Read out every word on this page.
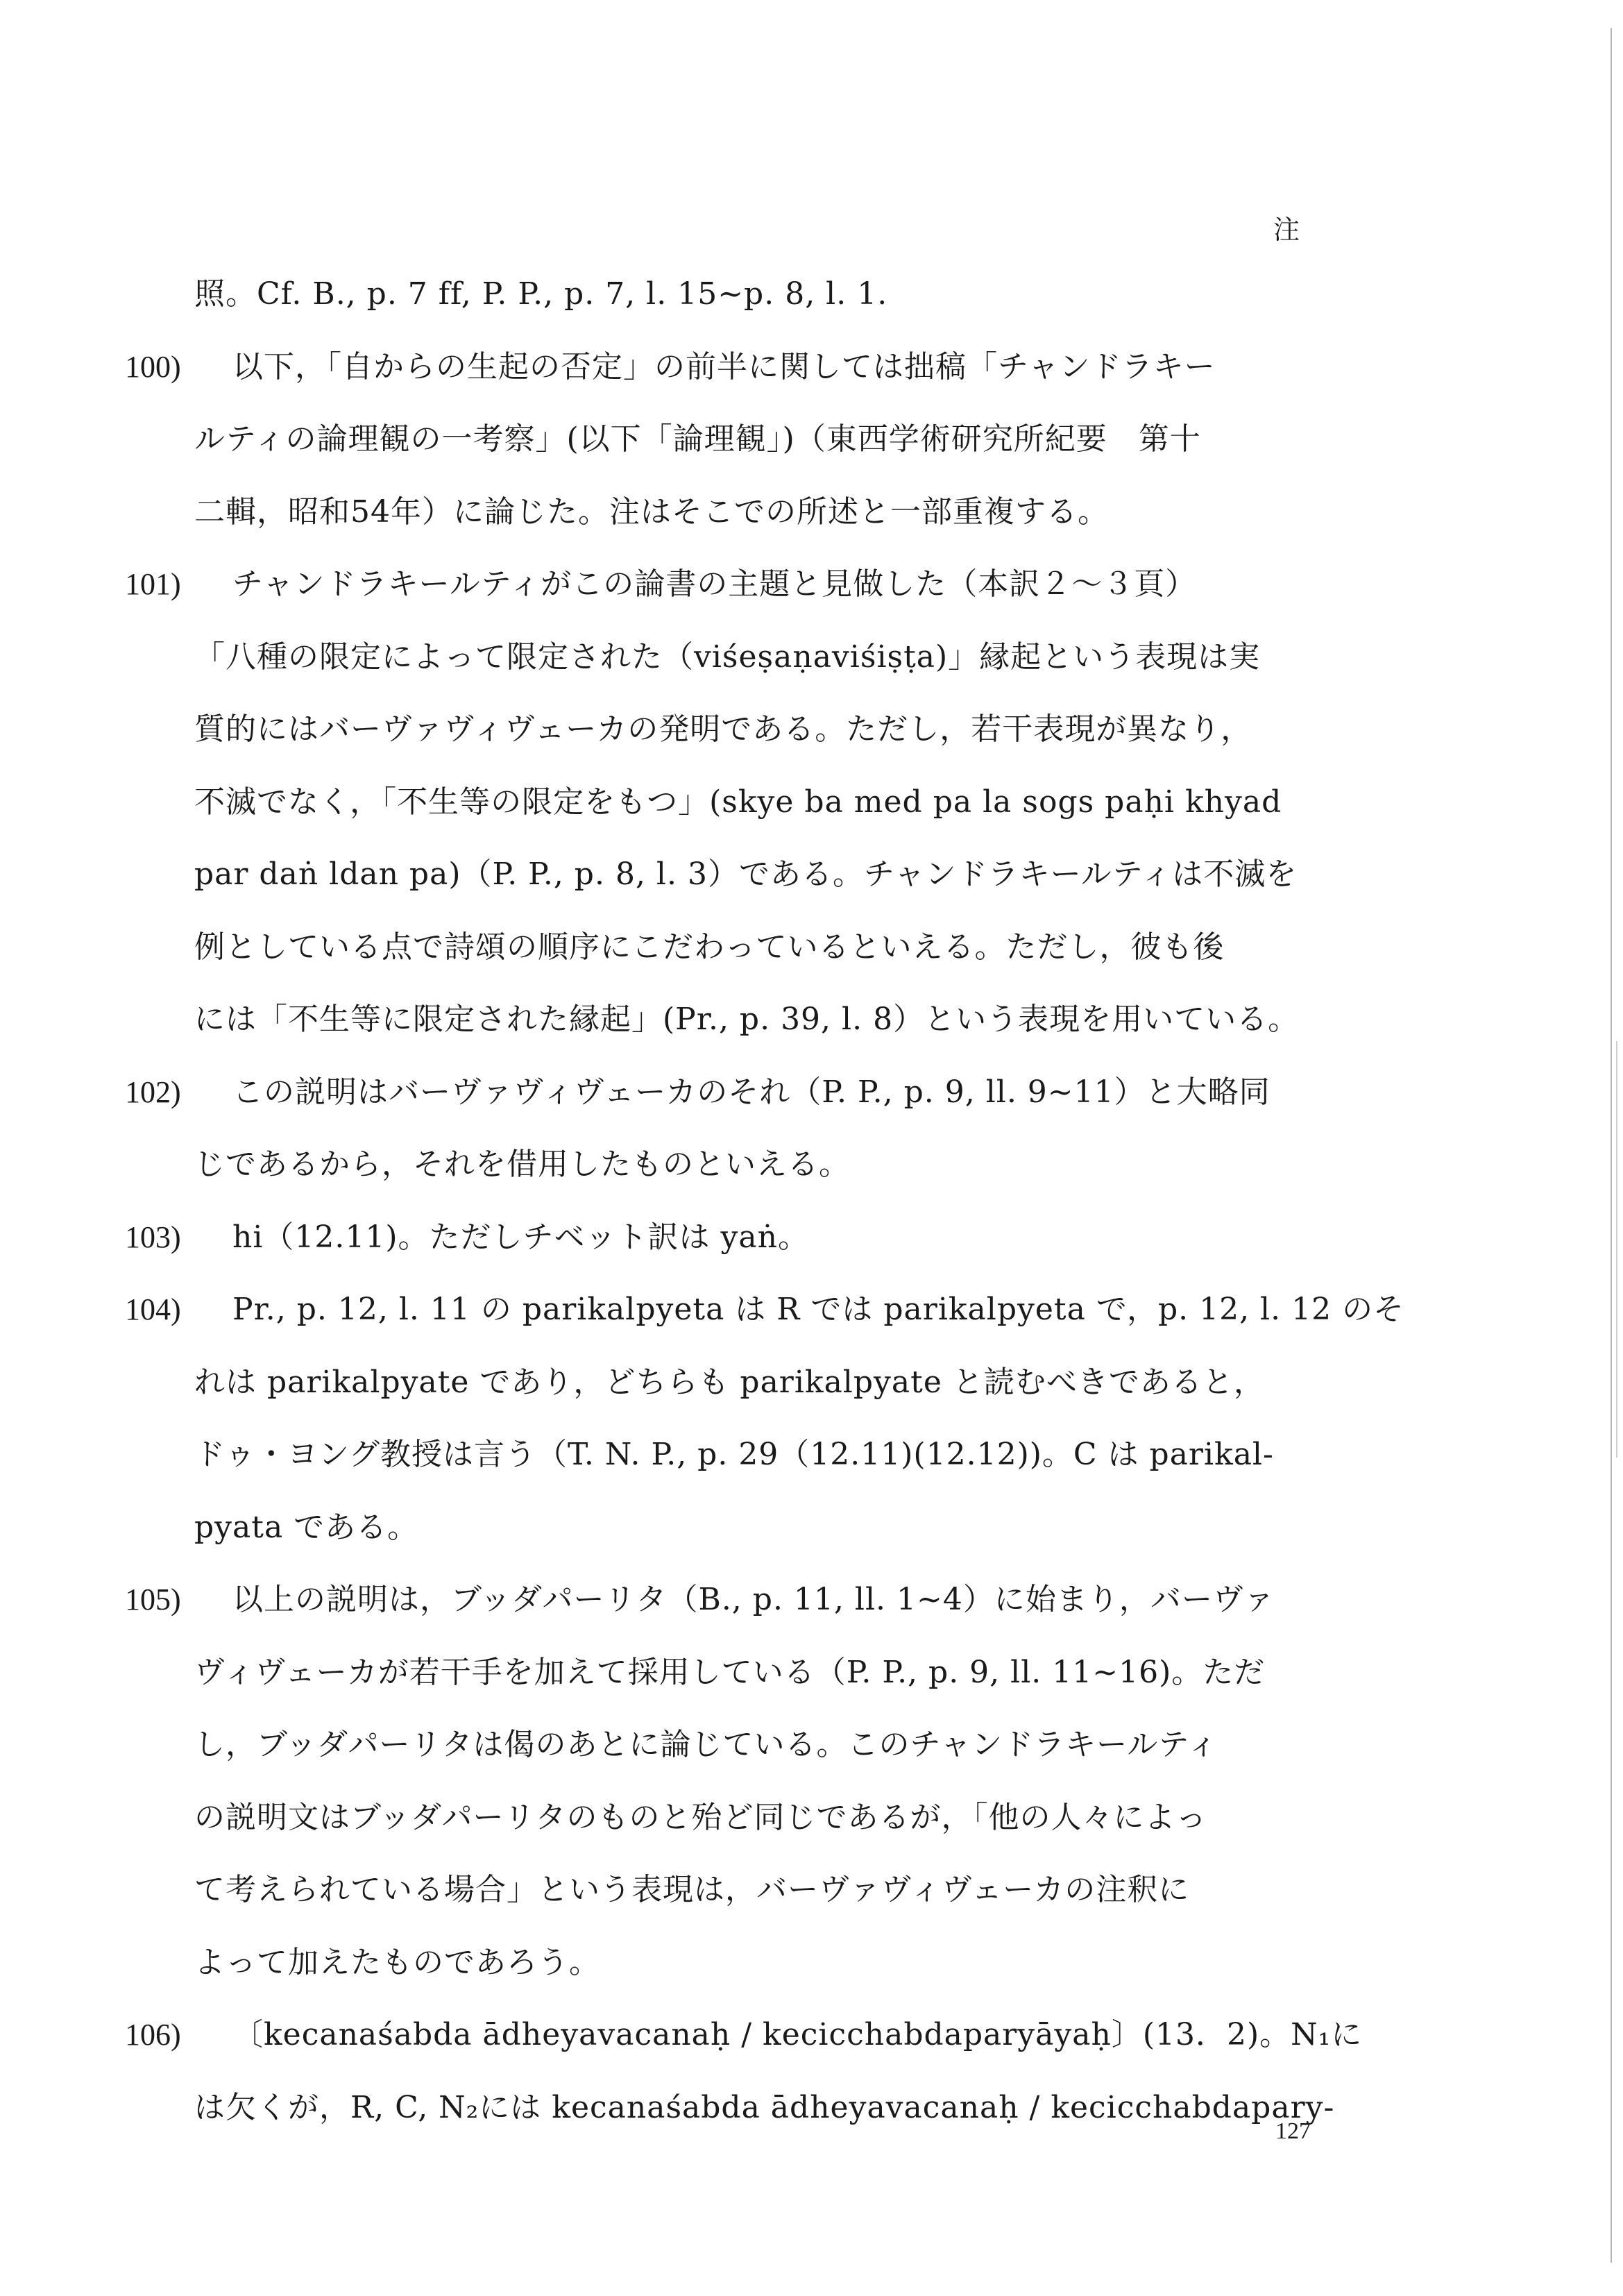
注
照。Cf. B., p. 7 ff, P. P., p. 7, l. 15~p. 8, l. 1.
100) 以下，「自からの生起の否定」の前半に関しては拙稿「チャンドラキー
ルティの論理観の一考察」(以下「論理観」)（東西学術研究所紀要　第十
二輯，昭和54年）に論じた。注はそこでの所述と一部重複する。
101) チャンドラキールティがこの論書の主題と見做した（本訳２～３頁）
「八種の限定によって限定された（viśeṣaṇaviśiṣṭa)」縁起という表現は実
質的にはバーヴァヴィヴェーカの発明である。ただし，若干表現が異なり，
不滅でなく，「不生等の限定をもつ」(skye ba med pa la sogs paḥi khyad
par daṅ ldan pa)（P. P., p. 8, l. 3）である。チャンドラキールティは不滅を
例としている点で詩頌の順序にこだわっているといえる。ただし，彼も後
には「不生等に限定された縁起」(Pr., p. 39, l. 8）という表現を用いている。
102) この説明はバーヴァヴィヴェーカのそれ（P. P., p. 9, ll. 9~11）と大略同
じであるから，それを借用したものといえる。
103) hi（12.11)。ただしチベット訳は yaṅ。
104) Pr., p. 12, l. 11 の parikalpyeta は R では parikalpyeta で，p. 12, l. 12 のそ
れは parikalpyate であり，どちらも parikalpyate と読むべきであると，
ドゥ・ヨング教授は言う（T. N. P., p. 29（12.11)(12.12))。C は parikal-
pyata である。
105) 以上の説明は，ブッダパーリタ（B., p. 11, ll. 1~4）に始まり，バーヴァ
ヴィヴェーカが若干手を加えて採用している（P. P., p. 9, ll. 11~16)。ただ
し，ブッダパーリタは偈のあとに論じている。このチャンドラキールティ
の説明文はブッダパーリタのものと殆ど同じであるが，「他の人々によっ
て考えられている場合」という表現は，バーヴァヴィヴェーカの注釈に
よって加えたものであろう。
106) 〔kecanaśabda ādheyavacanaḥ / kecicchabdaparyāyaḥ〕(13．2)。N₁に
は欠くが，R, C, N₂には kecanaśabda ādheyavacanaḥ / kecicchabdapary-
127
